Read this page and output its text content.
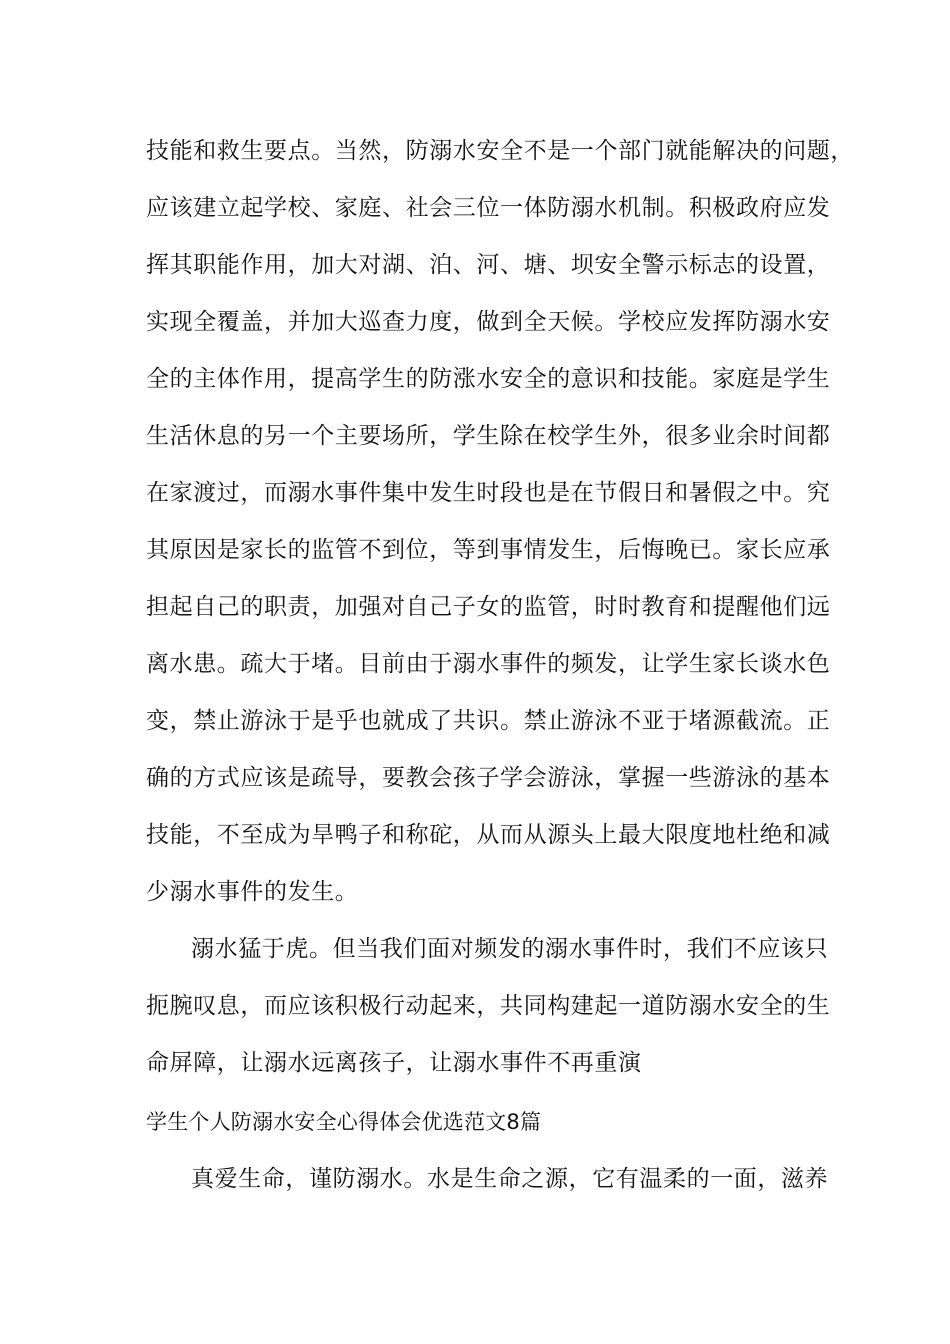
技能和救生要点。当然，防溺水安全不是一个部门就能解决的问题，
应该建立起学校、家庭、社会三位一体防溺水机制。积极政府应发
挥其职能作用，加大对湖、泊、河、塘、坝安全警示标志的设置，
实现全覆盖，并加大巡查力度，做到全天候。学校应发挥防溺水安
全的主体作用，提高学生的防涨水安全的意识和技能。家庭是学生
生活休息的另一个主要场所，学生除在校学生外，很多业余时间都
在家渡过，而溺水事件集中发生时段也是在节假日和暑假之中。究
其原因是家长的监管不到位，等到事情发生，后悔晚已。家长应承
担起自己的职责，加强对自己子女的监管，时时教育和提醒他们远
离水患。疏大于堵。目前由于溺水事件的频发，让学生家长谈水色
变，禁止游泳于是乎也就成了共识。禁止游泳不亚于堵源截流。正
确的方式应该是疏导，要教会孩子学会游泳，掌握一些游泳的基本
技能，不至成为旱鸭子和称砣，从而从源头上最大限度地杜绝和减
少溺水事件的发生。
溺水猛于虎。但当我们面对频发的溺水事件时，我们不应该只
扼腕叹息，而应该积极行动起来，共同构建起一道防溺水安全的生
命屏障，让溺水远离孩子，让溺水事件不再重演
学生个人防溺水安全心得体会优选范文8篇
真爱生命，谨防溺水。水是生命之源，它有温柔的一面，滋养
